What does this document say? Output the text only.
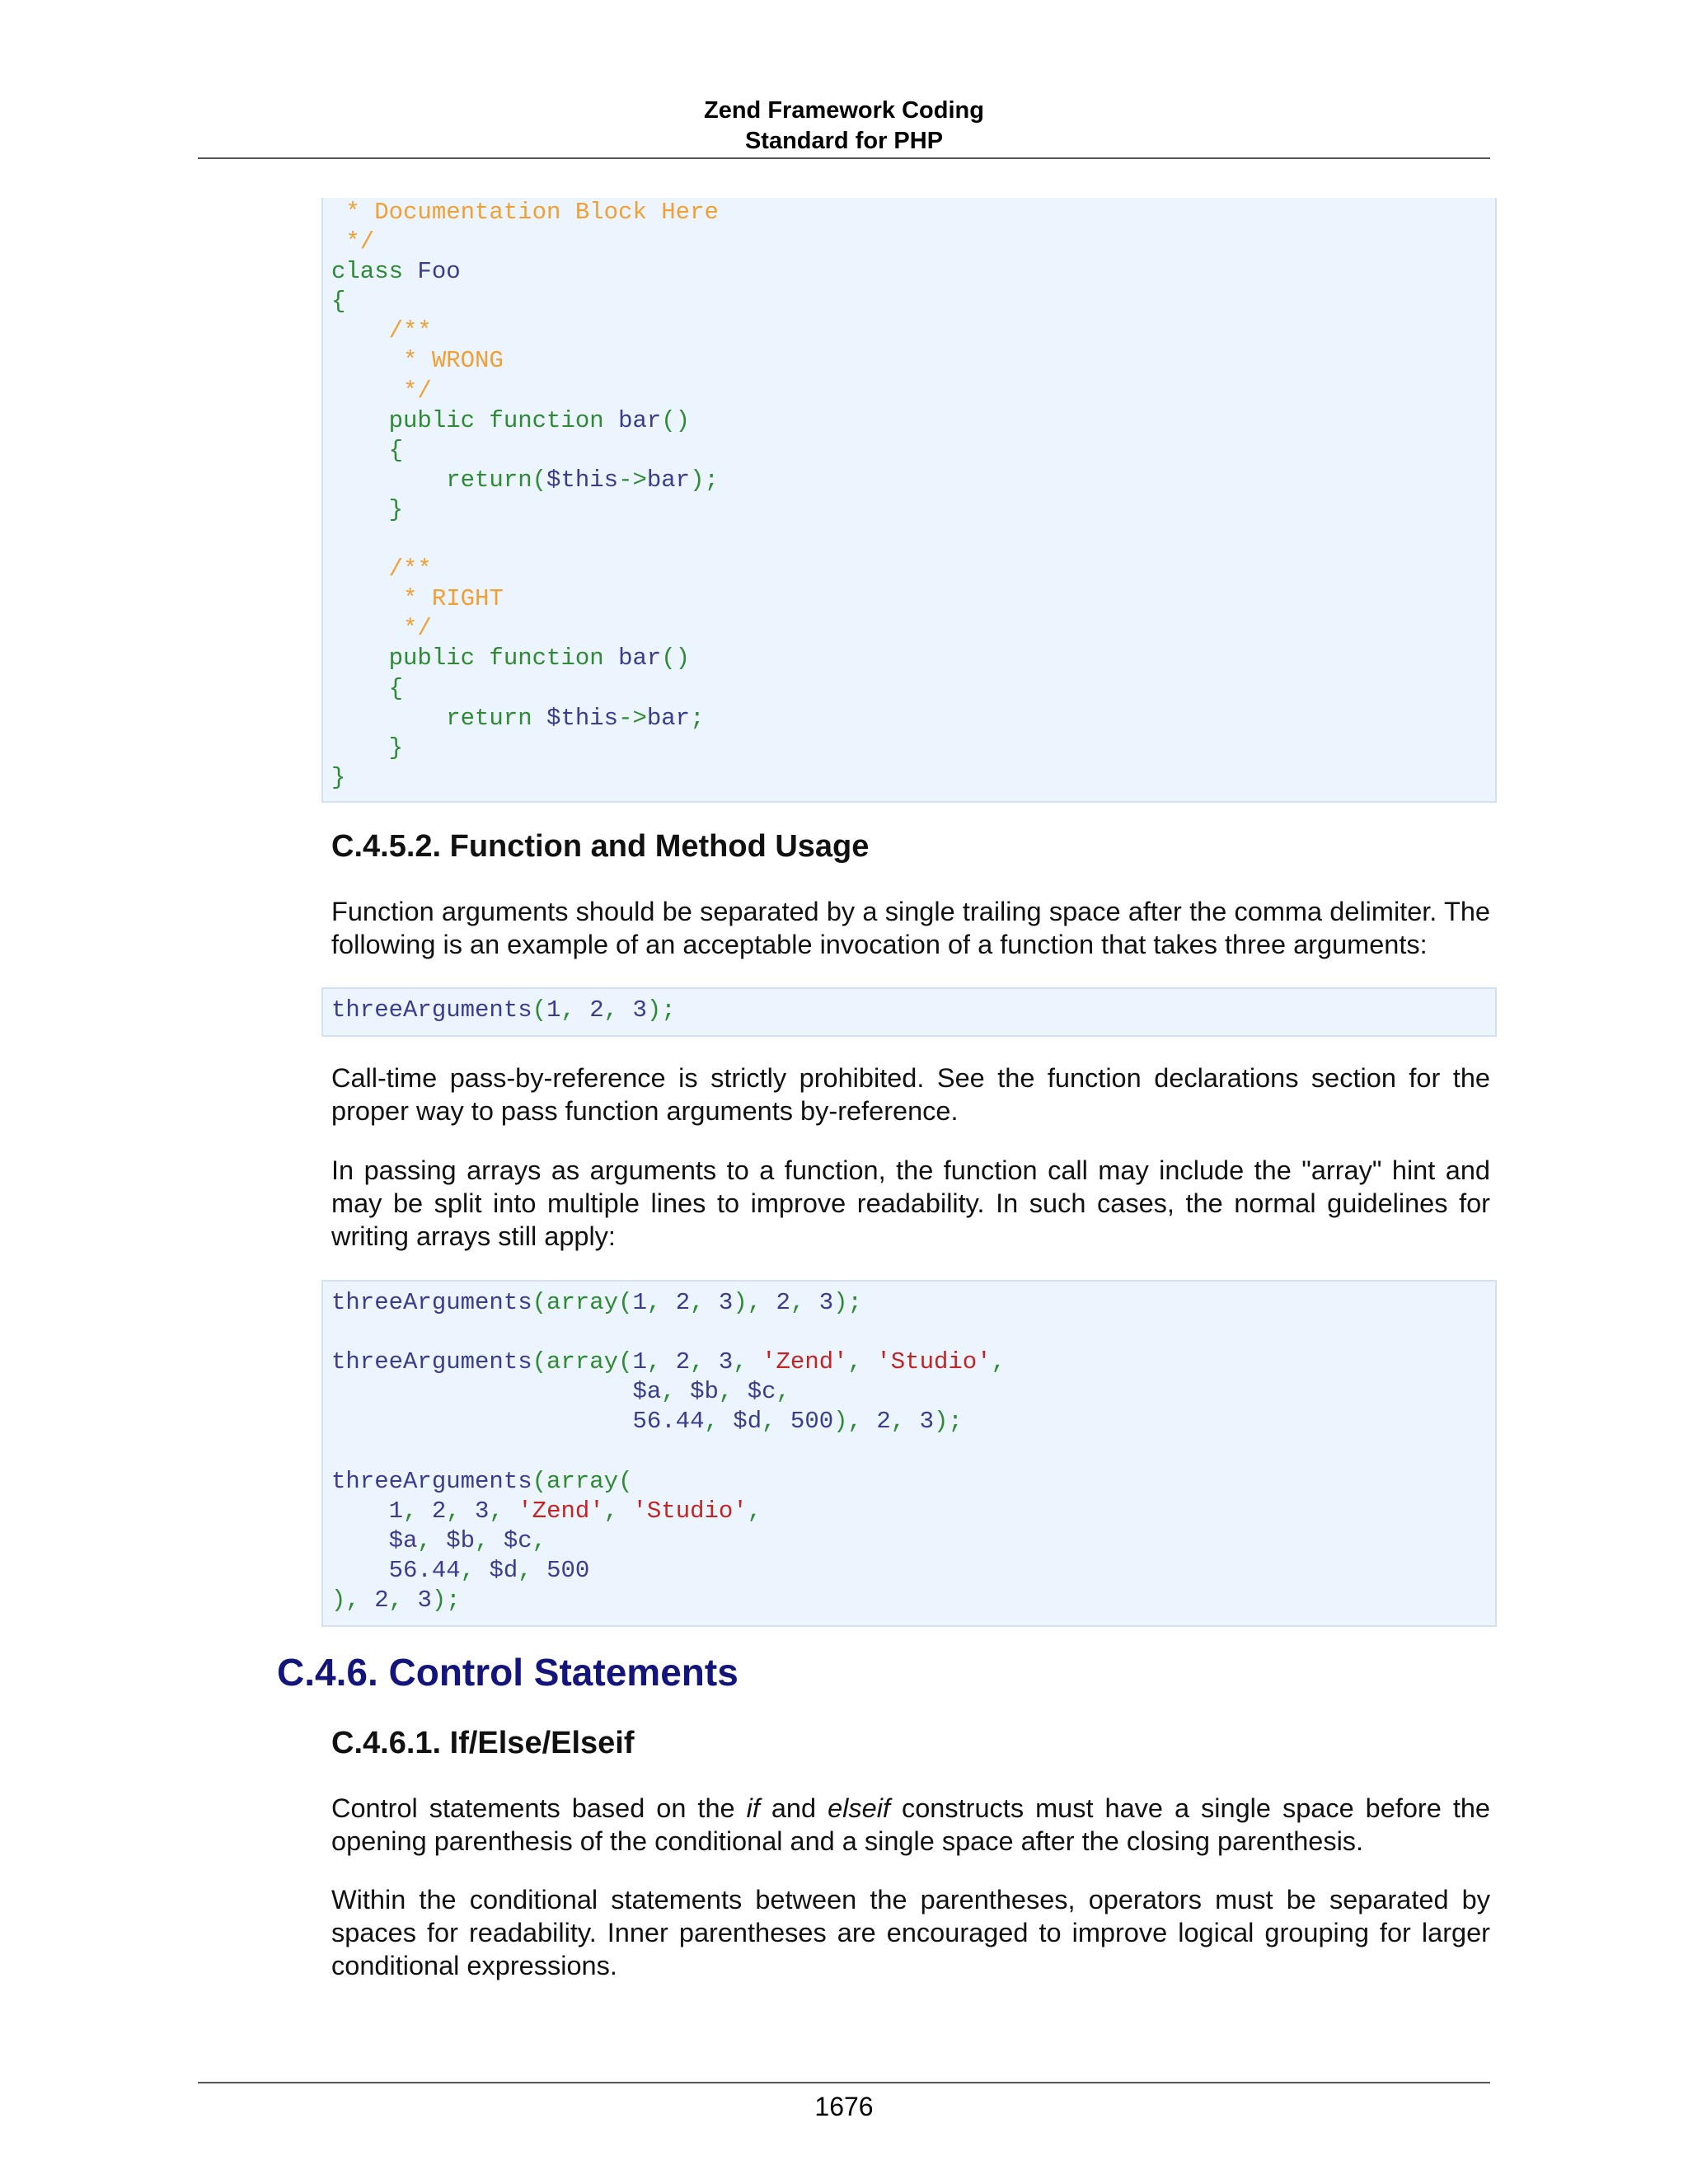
Zend Framework Coding
Standard for PHP
* Documentation Block Here
*/
class Foo
{
/**
* WRONG
*/
public function bar()
{
return($this->bar);
}

/**
* RIGHT
*/
public function bar()
{
return $this->bar;
}
}
C.4.5.2. Function and Method Usage

Function arguments should be separated by a single trailing space after the comma delimiter. The following is an example of an acceptable invocation of a function that takes three arguments:

threeArguments(1, 2, 3);

Call-time pass-by-reference is strictly prohibited. See the function declarations section for the proper way to pass function arguments by-reference.

In passing arrays as arguments to a function, the function call may include the "array" hint and may be split into multiple lines to improve readability. In such cases, the normal guidelines for writing arrays still apply:

threeArguments(array(1, 2, 3), 2, 3);

threeArguments(array(1, 2, 3, 'Zend', 'Studio',
$a, $b, $c,
56.44, $d, 500), 2, 3);

threeArguments(array(
1, 2, 3, 'Zend', 'Studio',
$a, $b, $c,
56.44, $d, 500
), 2, 3);
C.4.6. Control Statements
C.4.6.1. If/Else/Elseif

Control statements based on the if and elseif constructs must have a single space before the opening parenthesis of the conditional and a single space after the closing parenthesis.

Within the conditional statements between the parentheses, operators must be separated by spaces for readability. Inner parentheses are encouraged to improve logical grouping for larger conditional expressions.

1676
